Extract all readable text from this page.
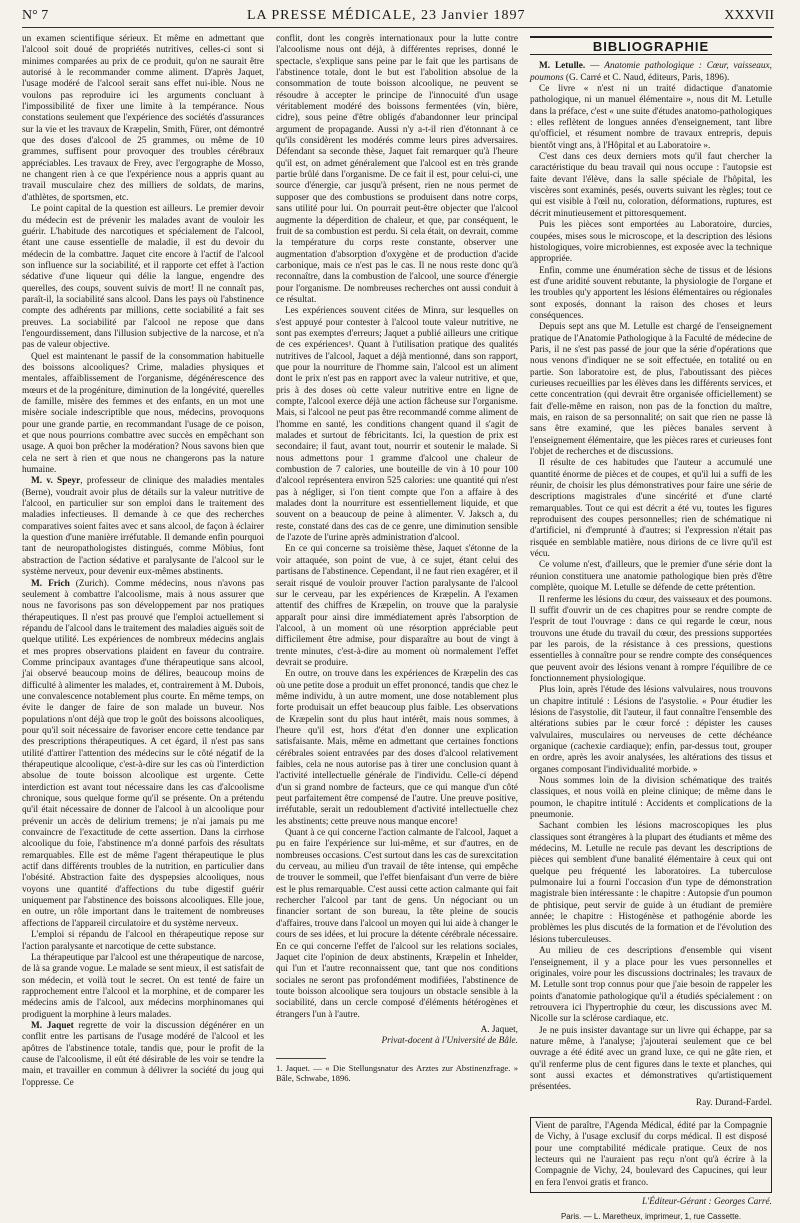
N° 7	LA PRESSE MÉDICALE, 23 Janvier 1897	XXXVII

un examen scientifique sérieux. Et même en admettant que l'alcool soit doué de propriétés nutritives, celles-ci sont si minimes comparées au prix de ce produit, qu'on ne saurait être autorisé à le recommander comme aliment. D'après Jaquet, l'usage modéré de l'alcool serait sans effet nui-ible. Nous ne voulons pas reproduire ici les arguments concluant à l'impossibilité de fixer une limite à la tempérance. Nous constations seulement que l'expérience des sociétés d'assurances sur la vie et les travaux de Kræpelin, Smith, Fürer, ont démontré que des doses d'alcool de 25 grammes, ou même de 10 grammes, suffisent pour provoquer des troubles cérébraux appréciables. Les travaux de Frey, avec l'ergographe de Mosso, ne changent rien à ce que l'expérience nous a appris quant au travail musculaire chez des milliers de soldats, de marins, d'athlètes, de sportsmen, etc.

Le point capital de la question est ailleurs. Le premier devoir du médecin est de prévenir les malades avant de vouloir les guérir. L'habitude des narcotiques et spécialement de l'alcool, étant une cause essentielle de maladie, il est du devoir du médecin de la combattre. Jaquet cite encore à l'actif de l'alcool son influence sur la sociabilité, et il rapporte cet effet à l'action sédative d'une liqueur qui délie la langue, engendre des querelles, des coups, souvent suivis de mort! Il ne connaît pas, paraît-il, la sociabilité sans alcool. Dans les pays où l'abstinence compte des adhérents par millions, cette sociabilité a fait ses preuves. La sociabilité par l'alcool ne repose que dans l'engourdissement, dans l'illusion subjective de la narcose, et n'a pas de valeur objective.

Quel est maintenant le passif de la consommation habituelle des boissons alcooliques? Crime, maladies physiques et mentales, affaiblissement de l'organisme, dégénérescence des mœurs et de la progéniture, diminution de la longévité, querelles de famille, misère des femmes et des enfants, en un mot une misère sociale indescriptible que nous, médecins, provoquons pour une grande partie, en recommandant l'usage de ce poison, et que nous pourrions combattre avec succès en empêchant son usage. A quoi bon prêcher la modération? Nous savons bien que cela ne sert à rien et que nous ne changerons pas la nature humaine.

M. v. Speyr, professeur de clinique des maladies mentales (Berne), voudrait avoir plus de détails sur la valeur nutritive de l'alcool, en particulier sur son emploi dans le traitement des maladies infectieuses. Il demande à ce que des recherches comparatives soient faites avec et sans alcool, de façon à éclairer la question d'une manière irréfutable. Il demande enfin pourquoi tant de neuropathologistes distingués, comme Möbius, font abstraction de l'action sédative et paralysante de l'alcool sur le système nerveux, pour devenir eux-mêmes abstinents.

M. Frich (Zurich). Comme médecins, nous n'avons pas seulement à combattre l'alcoolisme, mais à nous assurer que nous ne favorisons pas son développement par nos pratiques thérapeutiques. Il n'est pas prouvé que l'emploi actuellement si répandu de l'alcool dans le traitement des maladies aiguës soit de quelque utilité. Les expériences de nombreux médecins anglais et mes propres observations plaident en faveur du contraire. Comme principaux avantages d'une thérapeutique sans alcool, j'ai observé beaucoup moins de délires, beaucoup moins de difficulté à alimenter les malades, et, contrairement à M. Dubois, une convalescence notablement plus courte. En même temps, on évite le danger de faire de son malade un buveur. Nos populations n'ont déjà que trop le goût des boissons alcooliques, pour qu'il soit nécessaire de favoriser encore cette tendance par des prescriptions thérapeutiques. A cet égard, il n'est pas sans utilité d'attirer l'attention des médecins sur le côté négatif de la thérapeutique alcoolique, c'est-à-dire sur les cas où l'interdiction absolue de toute boisson alcoolique est urgente. Cette interdiction est avant tout nécessaire dans les cas d'alcoolisme chronique, sous quelque forme qu'il se présente. On a prétendu qu'il était nécessaire de donner de l'alcool à un alcoolique pour prévenir un accès de delirium tremens; je n'ai jamais pu me convaincre de l'exactitude de cette assertion. Dans la cirrhose alcoolique du foie, l'abstinence m'a donné parfois des résultats remarquables. Elle est de même l'agent thérapeutique le plus actif dans différents troubles de la nutrition, en particulier dans l'obésité. Abstraction faite des dyspepsies alcooliques, nous voyons une quantité d'affections du tube digestif guérir uniquement par l'abstinence des boissons alcooliques. Elle joue, en outre, un rôle important dans le traitement de nombreuses affections de l'appareil circulatoire et du système nerveux.

L'emploi si répandu de l'alcool en thérapeutique repose sur l'action paralysante et narcotique de cette substance.

La thérapeutique par l'alcool est une thérapeutique de narcose, de là sa grande vogue. Le malade se sent mieux, il est satisfait de son médecin, et voilà tout le secret. On est tenté de faire un rapprochement entre l'alcool et la morphine, et de comparer les médecins amis de l'alcool, aux médecins morphinomanes qui prodiguent la morphine à leurs malades.

M. Jaquet regrette de voir la discussion dégénérer en un conflit entre les partisans de l'usage modéré de l'alcool et les apôtres de l'abstinence totale, tandis que, pour le profit de la cause de l'alcoolisme, il eût été désirable de les voir se tendre la main, et travailler en commun à délivrer la société du joug qui l'oppresse. Ce

conflit, dont les congrès internationaux pour la lutte contre l'alcoolisme nous ont déjà, à différentes reprises, donné le spectacle, s'explique sans peine par le fait que les partisans de l'abstinence totale, dont le but est l'abolition absolue de la consommation de toute boisson alcoolique, ne peuvent se résoudre à accepter le principe de l'innocuité d'un usage véritablement modéré des boissons fermentées (vin, bière, cidre), sous peine d'être obligés d'abandonner leur principal argument de propagande. Aussi n'y a-t-il rien d'étonnant à ce qu'ils considèrent les modérés comme leurs pires adversaires. Défendant sa seconde thèse, Jaquet fait remarquer qu'à l'heure qu'il est, on admet généralement que l'alcool est en très grande partie brûlé dans l'organisme. De ce fait il est, pour celui-ci, une source d'énergie, car jusqu'à présent, rien ne nous permet de supposer que des combustions se produisent dans notre corps, sans utilité pour lui. On pourrait peut-être objecter que l'alcool augmente la déperdition de chaleur, et que, par conséquent, le fruit de sa combustion est perdu. Si cela était, on devrait, comme la température du corps reste constante, observer une augmentation d'absorption d'oxygène et de production d'acide carbonique, mais ce n'est pas le cas. Il ne nous reste donc qu'à reconnaître, dans la combustion de l'alcool, une source d'énergie pour l'organisme. De nombreuses recherches ont aussi conduit à ce résultat.

Les expériences souvent citées de Minra, sur lesquelles on s'est appuyé pour contester à l'alcool toute valeur nutritive, ne sont pas exemptes d'erreurs; Jaquet a publié ailleurs une critique de ces expériences¹. Quant à l'utilisation pratique des qualités nutritives de l'alcool, Jaquet a déjà mentionné, dans son rapport, que pour la nourriture de l'homme sain, l'alcool est un aliment dont le prix n'est pas en rapport avec la valeur nutritive, et que, pris à des doses où cette valeur nutritive entre en ligne de compte, l'alcool exerce déjà une action fâcheuse sur l'organisme. Mais, si l'alcool ne peut pas être recommandé comme aliment de l'homme en santé, les conditions changent quand il s'agit de malades et surtout de fébricitants. Ici, la question de prix est secondaire; il faut, avant tout, nourrir et soutenir le malade. Si nous admettons pour 1 gramme d'alcool une chaleur de combustion de 7 calories, une bouteille de vin à 10 pour 100 d'alcool représentera environ 525 calories: une quantité qui n'est pas à négliger, si l'on tient compte que l'on a affaire à des malades dont la nourriture est essentiellement liquide, et que souvent on a beaucoup de peine à alimenter. V. Jaksch a, du reste, constaté dans des cas de ce genre, une diminution sensible de l'azote de l'urine après administration d'alcool.

En ce qui concerne sa troisième thèse, Jaquet s'étonne de la voir attaquée, son point de vue, à ce sujet, étant celui des partisans de l'abstinence. Cependant, il ne faut rien exagérer, et il serait risqué de vouloir prouver l'action paralysante de l'alcool sur le cerveau, par les expériences de Kræpelin. A l'examen attentif des chiffres de Kræpelin, on trouve que la paralysie apparaît pour ainsi dire immédiatement après l'absorption de l'alcool, à un moment où une résorption appréciable peut difficilement être admise, pour disparaître au bout de vingt à trente minutes, c'est-à-dire au moment où normalement l'effet devrait se produire.

En outre, on trouve dans les expériences de Kræpelin des cas où une petite dose a produit un effet prononcé, tandis que chez le même individu, à un autre moment, une dose notablement plus forte produisait un effet beaucoup plus faible. Les observations de Kræpelin sont du plus haut intérêt, mais nous sommes, à l'heure qu'il est, hors d'état d'en donner une explication satisfaisante. Mais, même en admettant que certaines fonctions cérébrales soient entravées par des doses d'alcool relativement faibles, cela ne nous autorise pas à tirer une conclusion quant à l'activité intellectuelle générale de l'individu. Celle-ci dépend d'un si grand nombre de facteurs, que ce qui manque d'un côté peut parfaitement être compensé de l'autre. Une preuve positive, irréfutable, serait un redoublement d'activité intellectuelle chez les abstinents; cette preuve nous manque encore!

Quant à ce qui concerne l'action calmante de l'alcool, Jaquet a pu en faire l'expérience sur lui-même, et sur d'autres, en de nombreuses occasions. C'est surtout dans les cas de surexcitation du cerveau, au milieu d'un travail de tête intense, qui empêche de trouver le sommeil, que l'effet bienfaisant d'un verre de bière est le plus remarquable. C'est aussi cette action calmante qui fait rechercher l'alcool par tant de gens. Un négociant ou un financier sortant de son bureau, la tête pleine de soucis d'affaires, trouve dans l'alcool un moyen qui lui aide à changer le cours de ses idées, et lui procure la détente cérébrale nécessaire. En ce qui concerne l'effet de l'alcool sur les relations sociales, Jaquet cite l'opinion de deux abstinents, Kræpelin et Inhelder, qui l'un et l'autre reconnaissent que, tant que nos conditions sociales ne seront pas profondément modifiées, l'abstinence de toute boisson alcoolique sera toujours un obstacle sensible à la sociabilité, dans un cercle composé d'éléments hétérogènes et étrangers l'un à l'autre.

A. Jaquet,
Privat-docent à l'Université de Bâle.
1. Jaquet. — « Die Stellungsnatur des Arztes zur Abstinenzfrage. » Bâle, Schwabe, 1896.
BIBLIOGRAPHIE

M. Letulle. — Anatomie pathologique : Cœur, vaisseaux, poumons (G. Carré et C. Naud, éditeurs, Paris, 1896).

Ce livre « n'est ni un traité didactique d'anatomie pathologique, ni un manuel élémentaire », nous dit M. Letulle dans la préface, c'est « une suite d'études anatomo-pathologiques : elles reflètent de longues années d'enseignement, tant libre qu'officiel, et résument nombre de travaux entrepris, depuis bientôt vingt ans, à l'Hôpital et au Laboratoire ».

C'est dans ces deux derniers mots qu'il faut chercher la caractéristique du beau travail qui nous occupe : l'autopsie est faite devant l'élève, dans la salle spéciale de l'hôpital, les viscères sont examinés, pesés, ouverts suivant les règles; tout ce qui est visible à l'œil nu, coloration, déformations, ruptures, est décrit minutieusement et pittoresquement.

Puis les pièces sont emportées au Laboratoire, durcies, coupées, mises sous le microscope, et la description des lésions histologiques, voire microbiennes, est exposée avec la technique appropriée.

Enfin, comme une énumération sèche de tissus et de lésions est d'une aridité souvent rebutante, la physiologie de l'organe et les troubles qu'y apportent les lésions élémentaires ou régionales sont exposés, donnant la raison des choses et leurs conséquences.

Depuis sept ans que M. Letulle est chargé de l'enseignement pratique de l'Anatomie Pathologique à la Faculté de médecine de Paris, il ne s'est pas passé de jour que la série d'opérations que nous venons d'indiquer ne se soit effectuée, en totalité ou en partie. Son laboratoire est, de plus, l'aboutissant des pièces curieuses recueillies par les élèves dans les différents services, et cette concentration (qui devrait être organisée officiellement) se fait d'elle-même en raison, non pas de la fonction du maître, mais, en raison de sa personnalité; on sait que rien ne passe là sans être examiné, que les pièces banales servent à l'enseignement élémentaire, que les pièces rares et curieuses font l'objet de recherches et de discussions.

Il résulte de ces habitudes que l'auteur a accumulé une quantité énorme de pièces et de coupes, et qu'il lui a suffi de les réunir, de choisir les plus démonstratives pour faire une série de descriptions magistrales d'une sincérité et d'une clarté remarquables. Tout ce qui est décrit a été vu, toutes les figures reproduisent des coupes personnelles; rien de schématique ni d'artificiel, ni d'emprunté à d'autres; si l'expression n'était pas risquée en semblable matière, nous dirions de ce livre qu'il est vécu.

Ce volume n'est, d'ailleurs, que le premier d'une série dont la réunion constituera une anatomie pathologique bien près d'être complète, quoique M. Letulle se défende de cette prétention.

Il renferme les lésions du cœur, des vaisseaux et des poumons. Il suffit d'ouvrir un de ces chapitres pour se rendre compte de l'esprit de tout l'ouvrage : dans ce qui regarde le cœur, nous trouvons une étude du travail du cœur, des pressions supportées par les parois, de la résistance à ces pressions, questions essentielles à connaître pour se rendre compte des conséquences que peuvent avoir des lésions venant à rompre l'équilibre de ce fonctionnement physiologique.

Plus loin, après l'étude des lésions valvulaires, nous trouvons un chapitre intitulé : Lésions de l'asystolie. « Pour étudier les lésions de l'asystolie, dit l'auteur, il faut connaître l'ensemble des altérations subies par le cœur forcé : dépister les causes valvulaires, musculaires ou nerveuses de cette déchéance organique (cachexie cardiaque); enfin, par-dessus tout, grouper en ordre, après les avoir analysées, les altérations des tissus et organes composant l'individualité morbide. »

Nous sommes loin de la division schématique des traités classiques, et nous voilà en pleine clinique; de même dans le poumon, le chapitre intitulé : Accidents et complications de la pneumonie.

Sachant combien les lésions macroscopiques les plus classiques sont étrangères à la plupart des étudiants et même des médecins, M. Letulle ne recule pas devant les descriptions de pièces qui semblent d'une banalité élémentaire à ceux qui ont quelque peu fréquenté les laboratoires. La tuberculose pulmonaire lui a fourni l'occasion d'un type de démonstration magistrale bien intéressante : le chapitre : Autopsie d'un poumon de phtisique, peut servir de guide à un étudiant de première année; le chapitre : Histogénèse et pathogénie aborde les problèmes les plus discutés de la formation et de l'évolution des lésions tuberculeuses.

Au milieu de ces descriptions d'ensemble qui visent l'enseignement, il y a place pour les vues personnelles et originales, voire pour les discussions doctrinales; les travaux de M. Letulle sont trop connus pour que j'aie besoin de rappeler les points d'anatomie pathologique qu'il a étudiés spécialement : on retrouvera ici l'hypertrophie du cœur, les discussions avec M. Nicolle sur la sclérose cardiaque, etc.

Je ne puis insister davantage sur un livre qui échappe, par sa nature même, à l'analyse; j'ajouterai seulement que ce bel ouvrage a été édité avec un grand luxe, ce qui ne gâte rien, et qu'il renferme plus de cent figures dans le texte et planches, qui sont aussi exactes et démonstratives qu'artistiquement présentées.

Ray. Durand-Fardel.

Vient de paraître, l'Agenda Médical, édité par la Compagnie de Vichy, à l'usage exclusif du corps médical. Il est disposé pour une comptabilité médicale pratique. Ceux de nos lecteurs qui ne l'auraient pas reçu n'ont qu'à écrire à la Compagnie de Vichy, 24, boulevard des Capucines, qui leur en fera l'envoi gratis et franco.

L'Éditeur-Gérant : Georges Carré.
Paris. — L. Maretheux, imprimeur, 1, rue Cassette.
